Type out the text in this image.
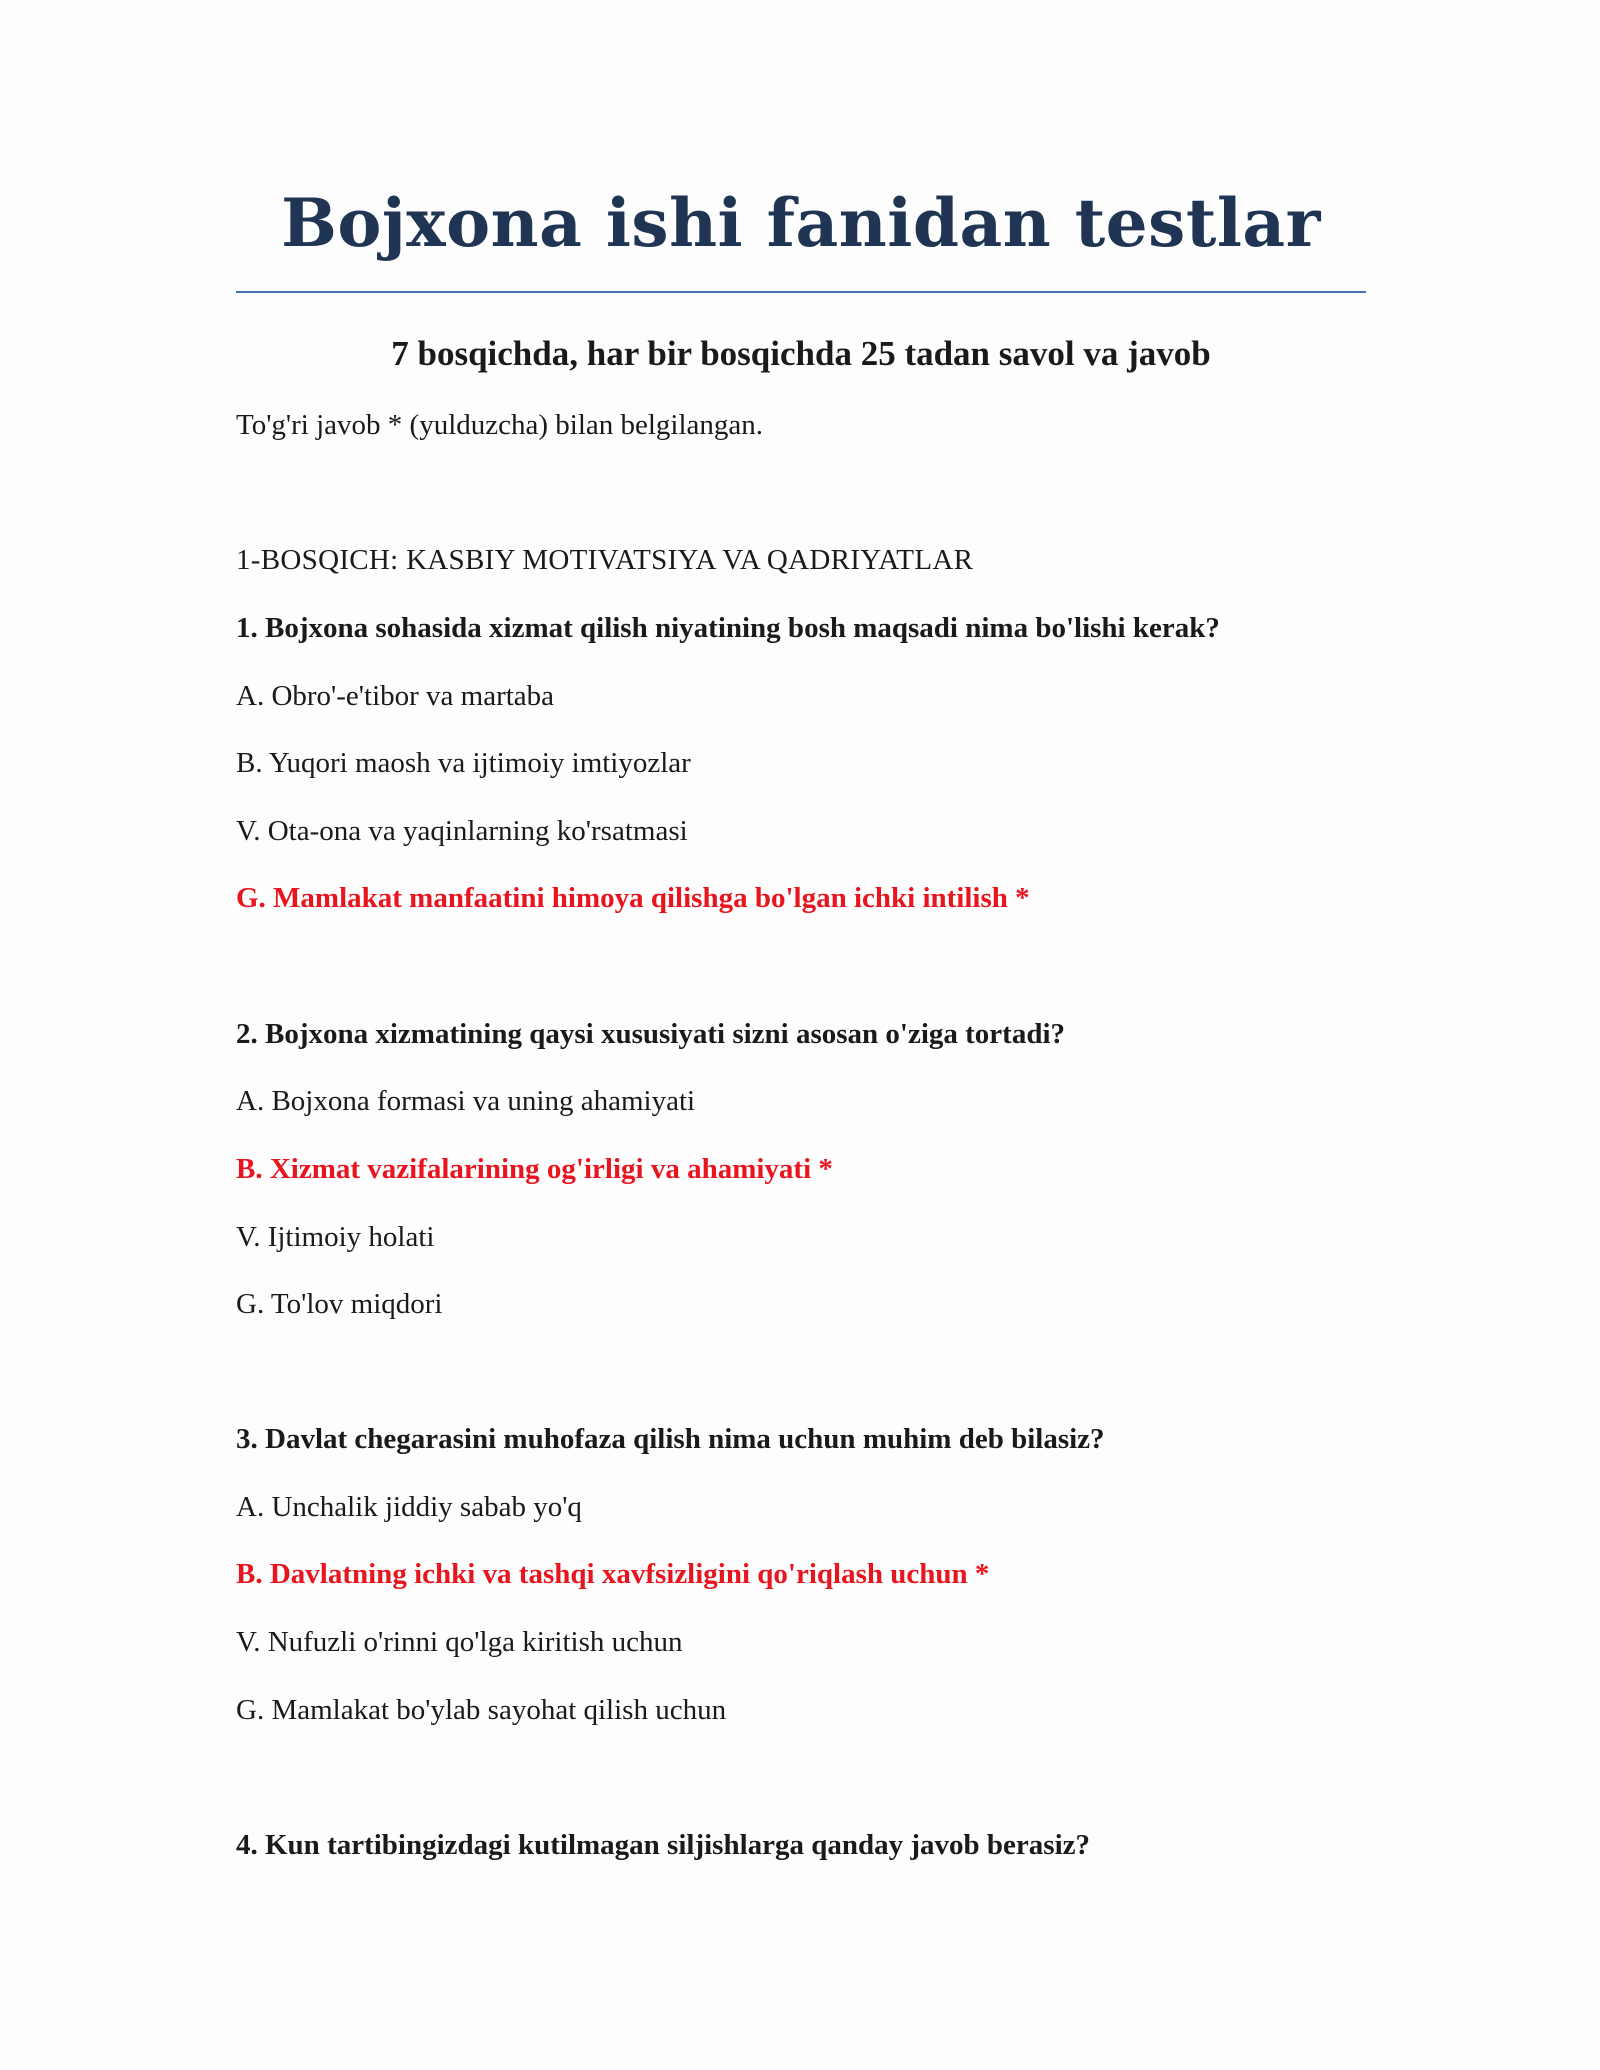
Bojxona ishi fanidan testlar
7 bosqichda, har bir bosqichda 25 tadan savol va javob
To'g'ri javob * (yulduzcha) bilan belgilangan.
1-BOSQICH: KASBIY MOTIVATSIYA VA QADRIYATLAR
1. Bojxona sohasida xizmat qilish niyatining bosh maqsadi nima bo'lishi kerak?
A. Obro'-e'tibor va martaba
B. Yuqori maosh va ijtimoiy imtiyozlar
V. Ota-ona va yaqinlarning ko'rsatmasi
G. Mamlakat manfaatini himoya qilishga bo'lgan ichki intilish *
2. Bojxona xizmatining qaysi xususiyati sizni asosan o'ziga tortadi?
A. Bojxona formasi va uning ahamiyati
B. Xizmat vazifalarining og'irligi va ahamiyati *
V. Ijtimoiy holati
G. To'lov miqdori
3. Davlat chegarasini muhofaza qilish nima uchun muhim deb bilasiz?
A. Unchalik jiddiy sabab yo'q
B. Davlatning ichki va tashqi xavfsizligini qo'riqlash uchun *
V. Nufuzli o'rinni qo'lga kiritish uchun
G. Mamlakat bo'ylab sayohat qilish uchun
4. Kun tartibingizdagi kutilmagan siljishlarga qanday javob berasiz?
